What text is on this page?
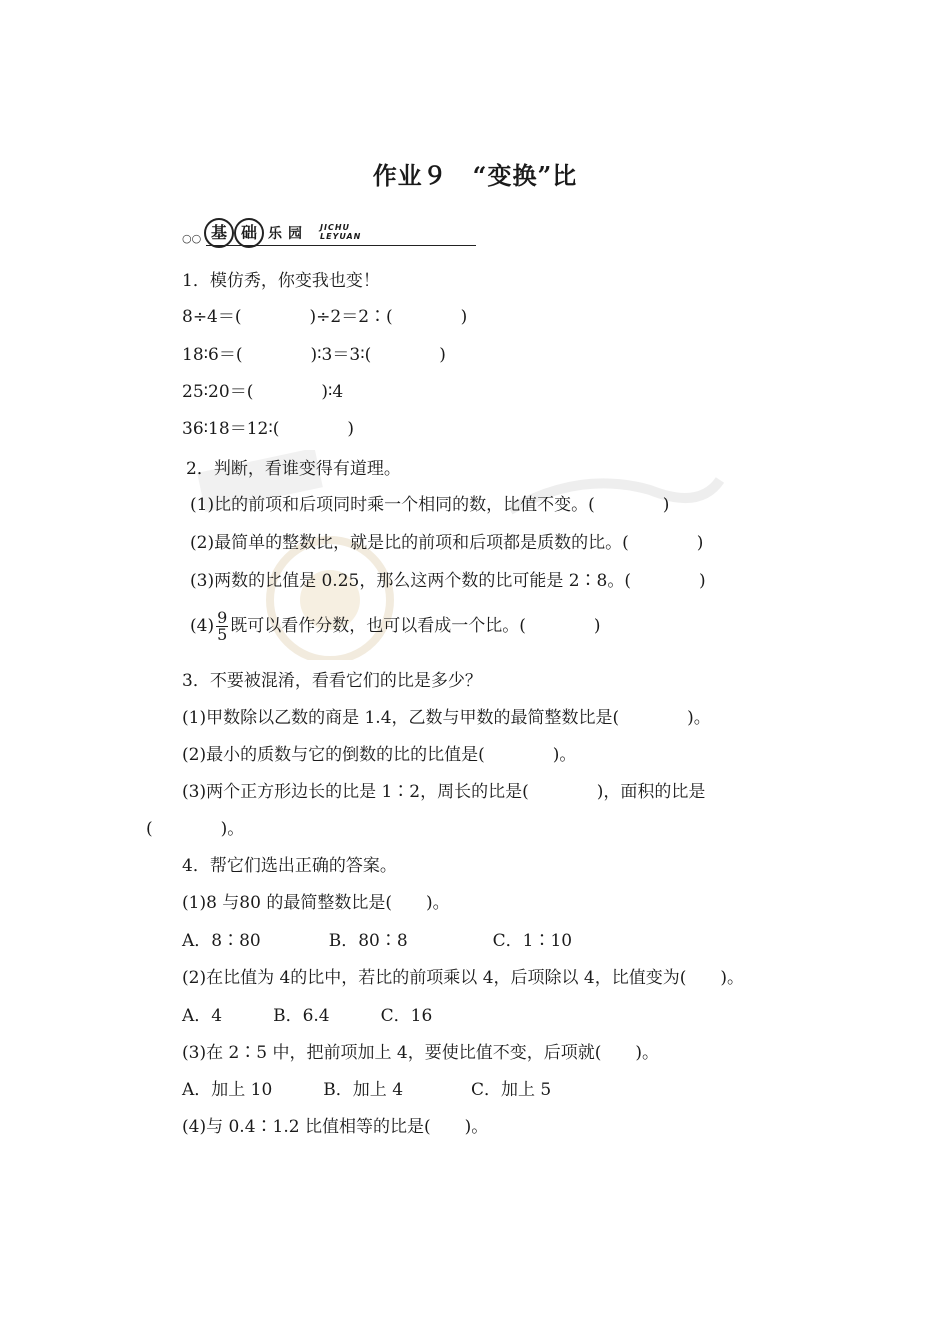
作业９　“变换”比
○○ 基 础 乐 园 JICHU
LEYUAN
1．模仿秀，你变我也变！
8÷4＝(　　　　)÷2＝2∶(　　　　)
18∶6＝(　　　　)∶3＝3∶(　　　　)
25∶20＝(　　　　)∶4
36∶18＝12∶(　　　　)
2．判断，看谁变得有道理。
(1)比的前项和后项同时乘一个相同的数，比值不变。(　　　　)
(2)最简单的整数比，就是比的前项和后项都是质数的比。(　　　　)
(3)两数的比值是 0.25，那么这两个数的比可能是 2∶8。(　　　　)
$(4) \frac{9}{5}$ 既可以看作分数，也可以看成一个比。(　　　　)
3．不要被混淆，看看它们的比是多少？
(1)甲数除以乙数的商是 1.4，乙数与甲数的最简整数比是(　　　　)。
(2)最小的质数与它的倒数的比的比值是(　　　　)。
(3)两个正方形边长的比是 1∶2，周长的比是(　　　　)，面积的比是
(　　　　)。
4．帮它们选出正确的答案。
(1)8 与80 的最简整数比是(　　)。
A．8∶80　　　　B．80∶8　　　　　C．1∶10
(2)在比值为 4的比中，若比的前项乘以 4，后项除以 4，比值变为(　　)。
A．4　　　B．6.4　　　C．16
(3)在 2∶5 中，把前项加上 4，要使比值不变，后项就(　　)。
A．加上 10　　　B．加上 4　　　　C．加上 5
(4)与 0.4∶1.2 比值相等的比是(　　)。
